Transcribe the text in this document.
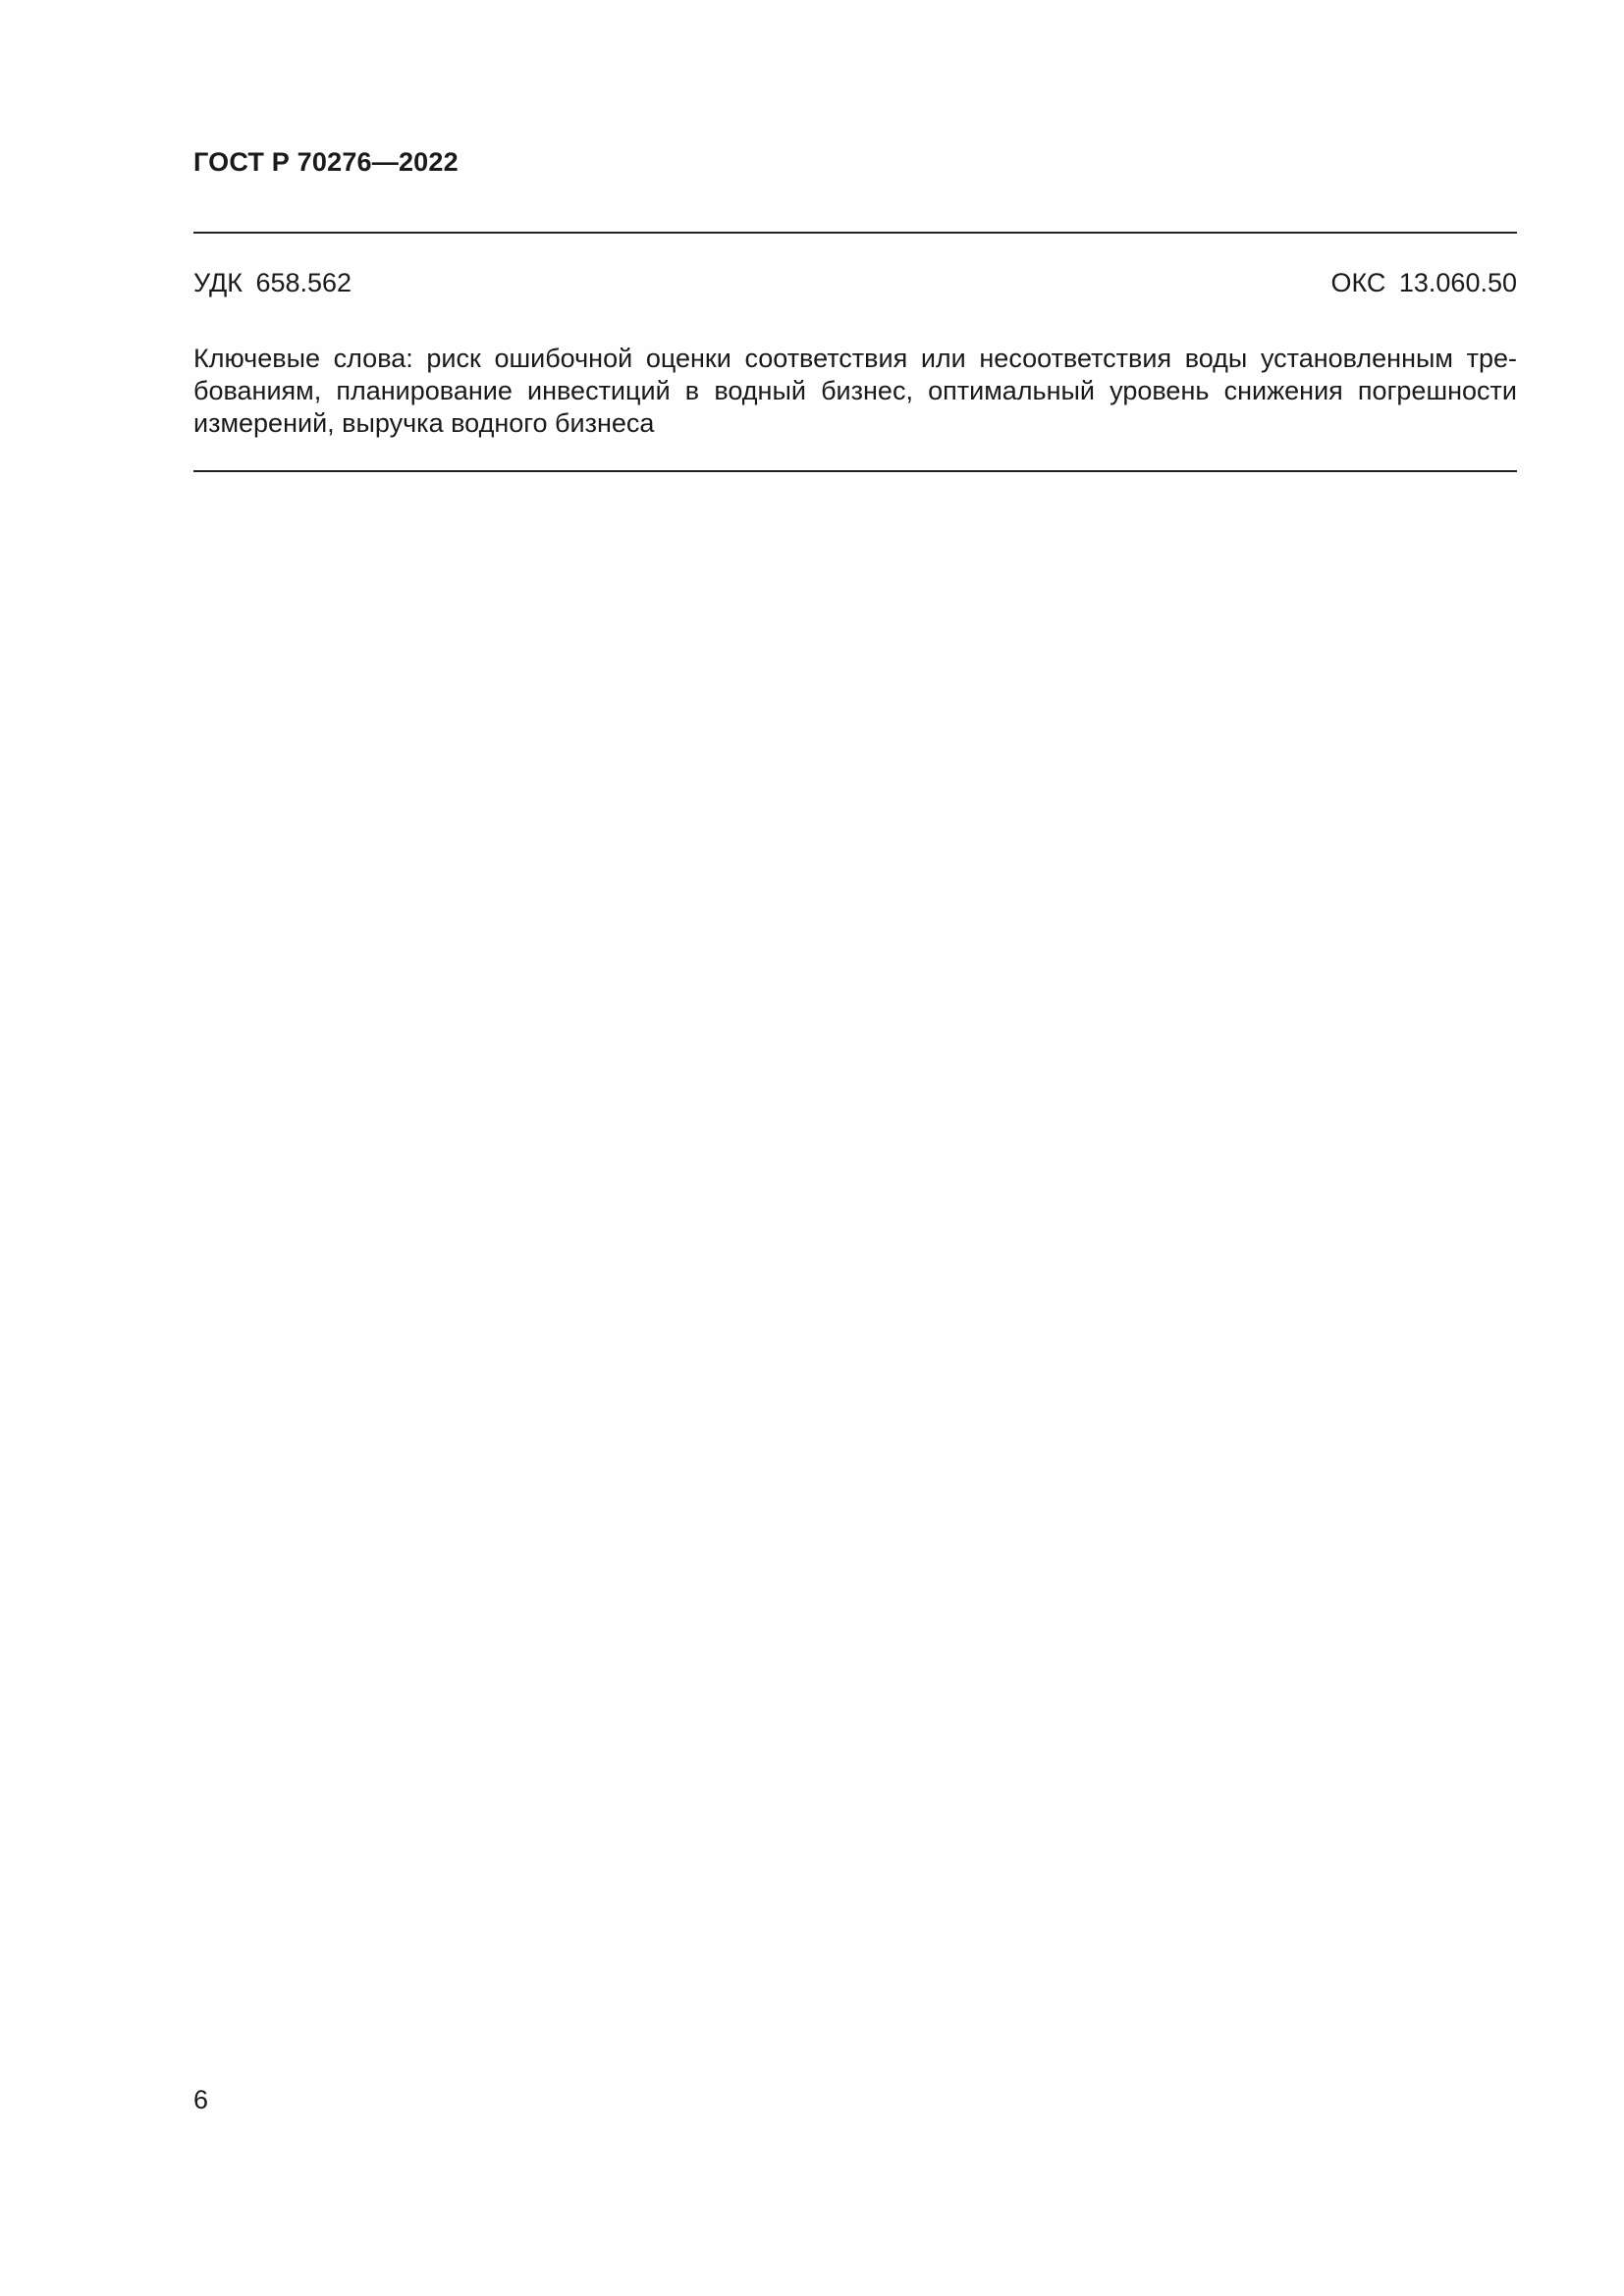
ГОСТ Р 70276—2022
УДК 658.562	ОКС 13.060.50
Ключевые слова: риск ошибочной оценки соответствия или несоответствия воды установленным тре-
бованиям, планирование инвестиций в водный бизнес, оптимальный уровень снижения погрешности
измерений, выручка водного бизнеса
6
